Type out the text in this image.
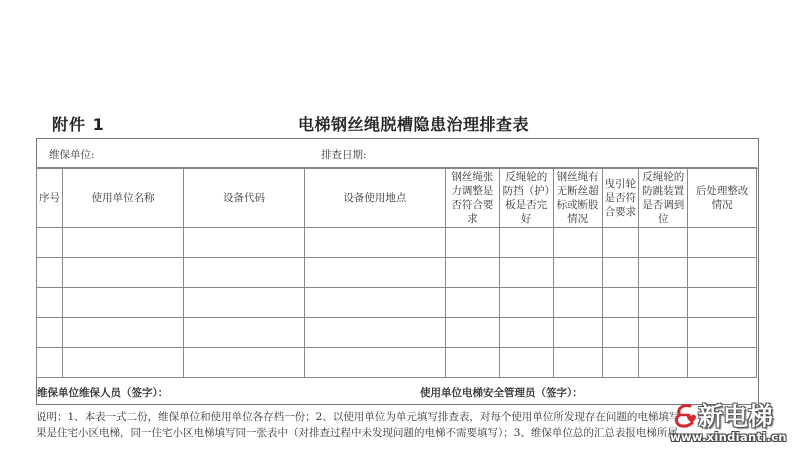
附件 1	电梯钢丝绳脱槽隐患治理排查表
维保单位:	排查日期:
序号	使用单位名称	设备代码	设备使用地点	钢丝绳张力调整是否符合要求	反绳轮的防挡（护）板是否完好	钢丝绳有无断丝超标或断股情况	曳引轮是否符合要求	反绳轮的防跳装置是否调到位	后处理整改情况

维保单位维保人员（签字）：	使用单位电梯安全管理员（签字）：
说明：1、本表一式二份，维保单位和使用单位各存档一份；2、以使用单位为单元填写排查表，对每个使用单位所发现存在问题的电梯填写
果是住宅小区电梯，同一住宅小区电梯填写同一张表中（对排查过程中未发现问题的电梯不需要填写）；3、维保单位总的汇总表报电梯所属
新电梯
www.xindianti.cn
